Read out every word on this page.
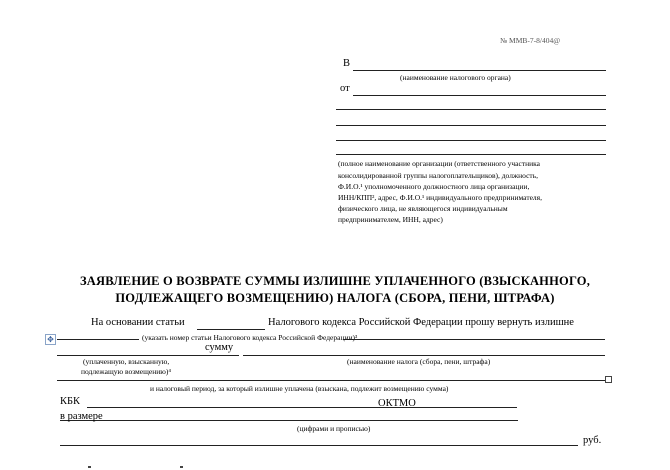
№ ММВ-7-8/404@
В
(наименование налогового органа)
от
(полное наименование организации (ответственного участника
консолидированной группы налогоплательщиков), должность,
Ф.И.О.¹ уполномоченного должностного лица организации,
ИНН/КПП², адрес, Ф.И.О.¹ индивидуального предпринимателя,
физического лица, не являющегося индивидуальным
предпринимателем, ИНН, адрес)
ЗАЯВЛЕНИЕ О ВОЗВРАТЕ СУММЫ ИЗЛИШНЕ УПЛАЧЕННОГО (ВЗЫСКАННОГО,
ПОДЛЕЖАЩЕГО ВОЗМЕЩЕНИЮ) НАЛОГА (СБОРА, ПЕНИ, ШТРАФА)
✥
На основании статьи	Налогового кодекса Российской Федерации прошу вернуть излишне
(указать номер статьи Налогового кодекса Российской Федерации)³
сумму
(уплаченную, взысканную,
подлежащую возмещению)⁴
(наименование налога (сбора, пени, штрафа)
и налоговый период, за который излишне уплачена (взыскана, подлежит возмещению сумма)
КБК	ОКТМО
в размере
(цифрами и прописью)
руб.
